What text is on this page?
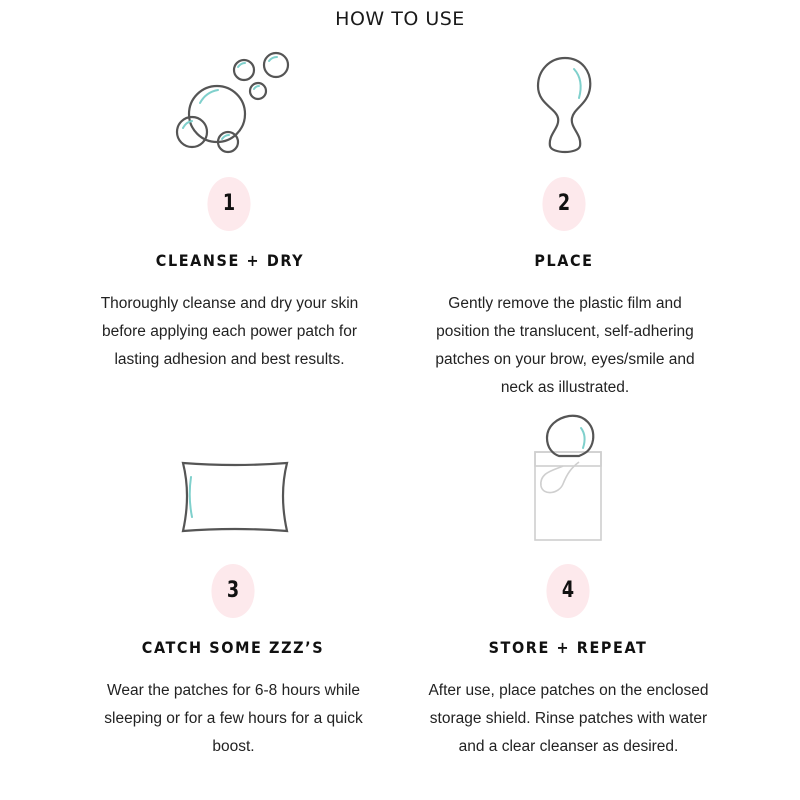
HOW TO USE
1
CLEANSE + DRY
Thoroughly cleanse and dry your skin before applying each power patch for lasting adhesion and best results.
2
PLACE
Gently remove the plastic film and position the translucent, self-adhering patches on your brow, eyes/smile and neck as illustrated.
3
CATCH SOME ZZZ’S
Wear the patches for 6-8 hours while sleeping or for a few hours for a quick boost.
4
STORE + REPEAT
After use, place patches on the enclosed storage shield. Rinse patches with water and a clear cleanser as desired.
